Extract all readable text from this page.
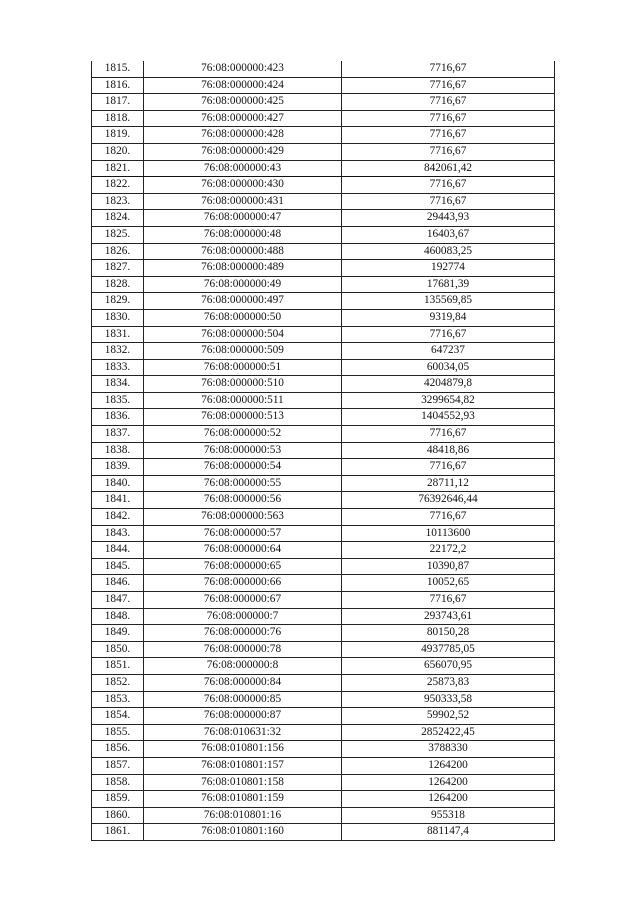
1815.	76:08:000000:423	7716,67
1816.	76:08:000000:424	7716,67
1817.	76:08:000000:425	7716,67
1818.	76:08:000000:427	7716,67
1819.	76:08:000000:428	7716,67
1820.	76:08:000000:429	7716,67
1821.	76:08:000000:43	842061,42
1822.	76:08:000000:430	7716,67
1823.	76:08:000000:431	7716,67
1824.	76:08:000000:47	29443,93
1825.	76:08:000000:48	16403,67
1826.	76:08:000000:488	460083,25
1827.	76:08:000000:489	192774
1828.	76:08:000000:49	17681,39
1829.	76:08:000000:497	135569,85
1830.	76:08:000000:50	9319,84
1831.	76:08:000000:504	7716,67
1832.	76:08:000000:509	647237
1833.	76:08:000000:51	60034,05
1834.	76:08:000000:510	4204879,8
1835.	76:08:000000:511	3299654,82
1836.	76:08:000000:513	1404552,93
1837.	76:08:000000:52	7716,67
1838.	76:08:000000:53	48418,86
1839.	76:08:000000:54	7716,67
1840.	76:08:000000:55	28711,12
1841.	76:08:000000:56	76392646,44
1842.	76:08:000000:563	7716,67
1843.	76:08:000000:57	10113600
1844.	76:08:000000:64	22172,2
1845.	76:08:000000:65	10390,87
1846.	76:08:000000:66	10052,65
1847.	76:08:000000:67	7716,67
1848.	76:08:000000:7	293743,61
1849.	76:08:000000:76	80150,28
1850.	76:08:000000:78	4937785,05
1851.	76:08:000000:8	656070,95
1852.	76:08:000000:84	25873,83
1853.	76:08:000000:85	950333,58
1854.	76:08:000000:87	59902,52
1855.	76:08:010631:32	2852422,45
1856.	76:08:010801:156	3788330
1857.	76:08:010801:157	1264200
1858.	76:08:010801:158	1264200
1859.	76:08:010801:159	1264200
1860.	76:08:010801:16	955318
1861.	76:08:010801:160	881147,4
